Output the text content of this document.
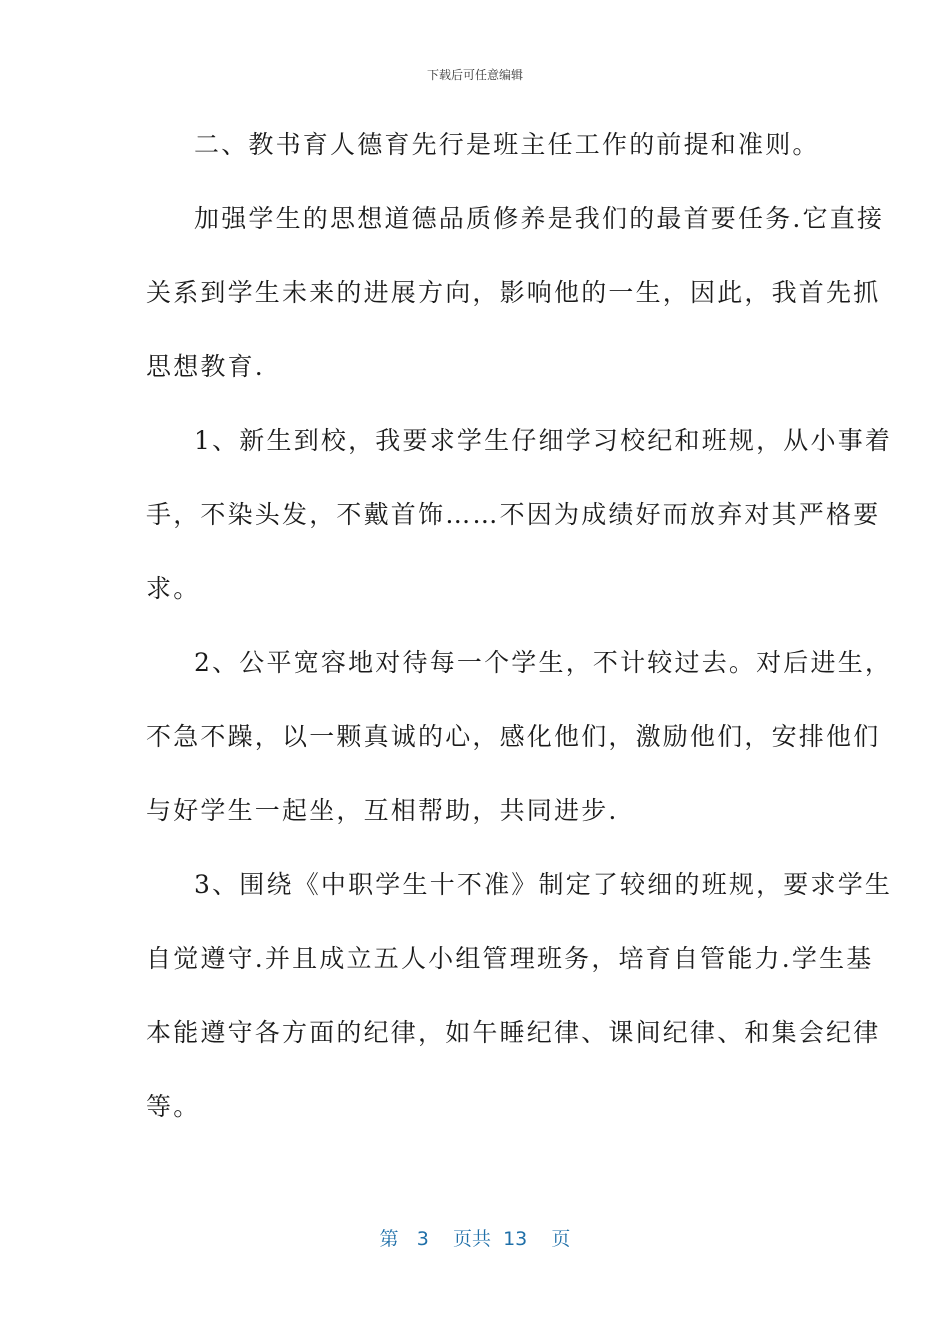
下载后可任意编辑
二、教书育人德育先行是班主任工作的前提和准则。
加强学生的思想道德品质修养是我们的最首要任务.它直接
关系到学生未来的进展方向，影响他的一生，因此，我首先抓
思想教育.
1、新生到校，我要求学生仔细学习校纪和班规，从小事着
手，不染头发，不戴首饰……不因为成绩好而放弃对其严格要
求。
2、公平宽容地对待每一个学生，不计较过去。对后进生，
不急不躁，以一颗真诚的心，感化他们，激励他们，安排他们
与好学生一起坐，互相帮助，共同进步.
3、围绕《中职学生十不准》制定了较细的班规，要求学生
自觉遵守.并且成立五人小组管理班务，培育自管能力.学生基
本能遵守各方面的纪律，如午睡纪律、课间纪律、和集会纪律
等。
第 3 页共 13 页
